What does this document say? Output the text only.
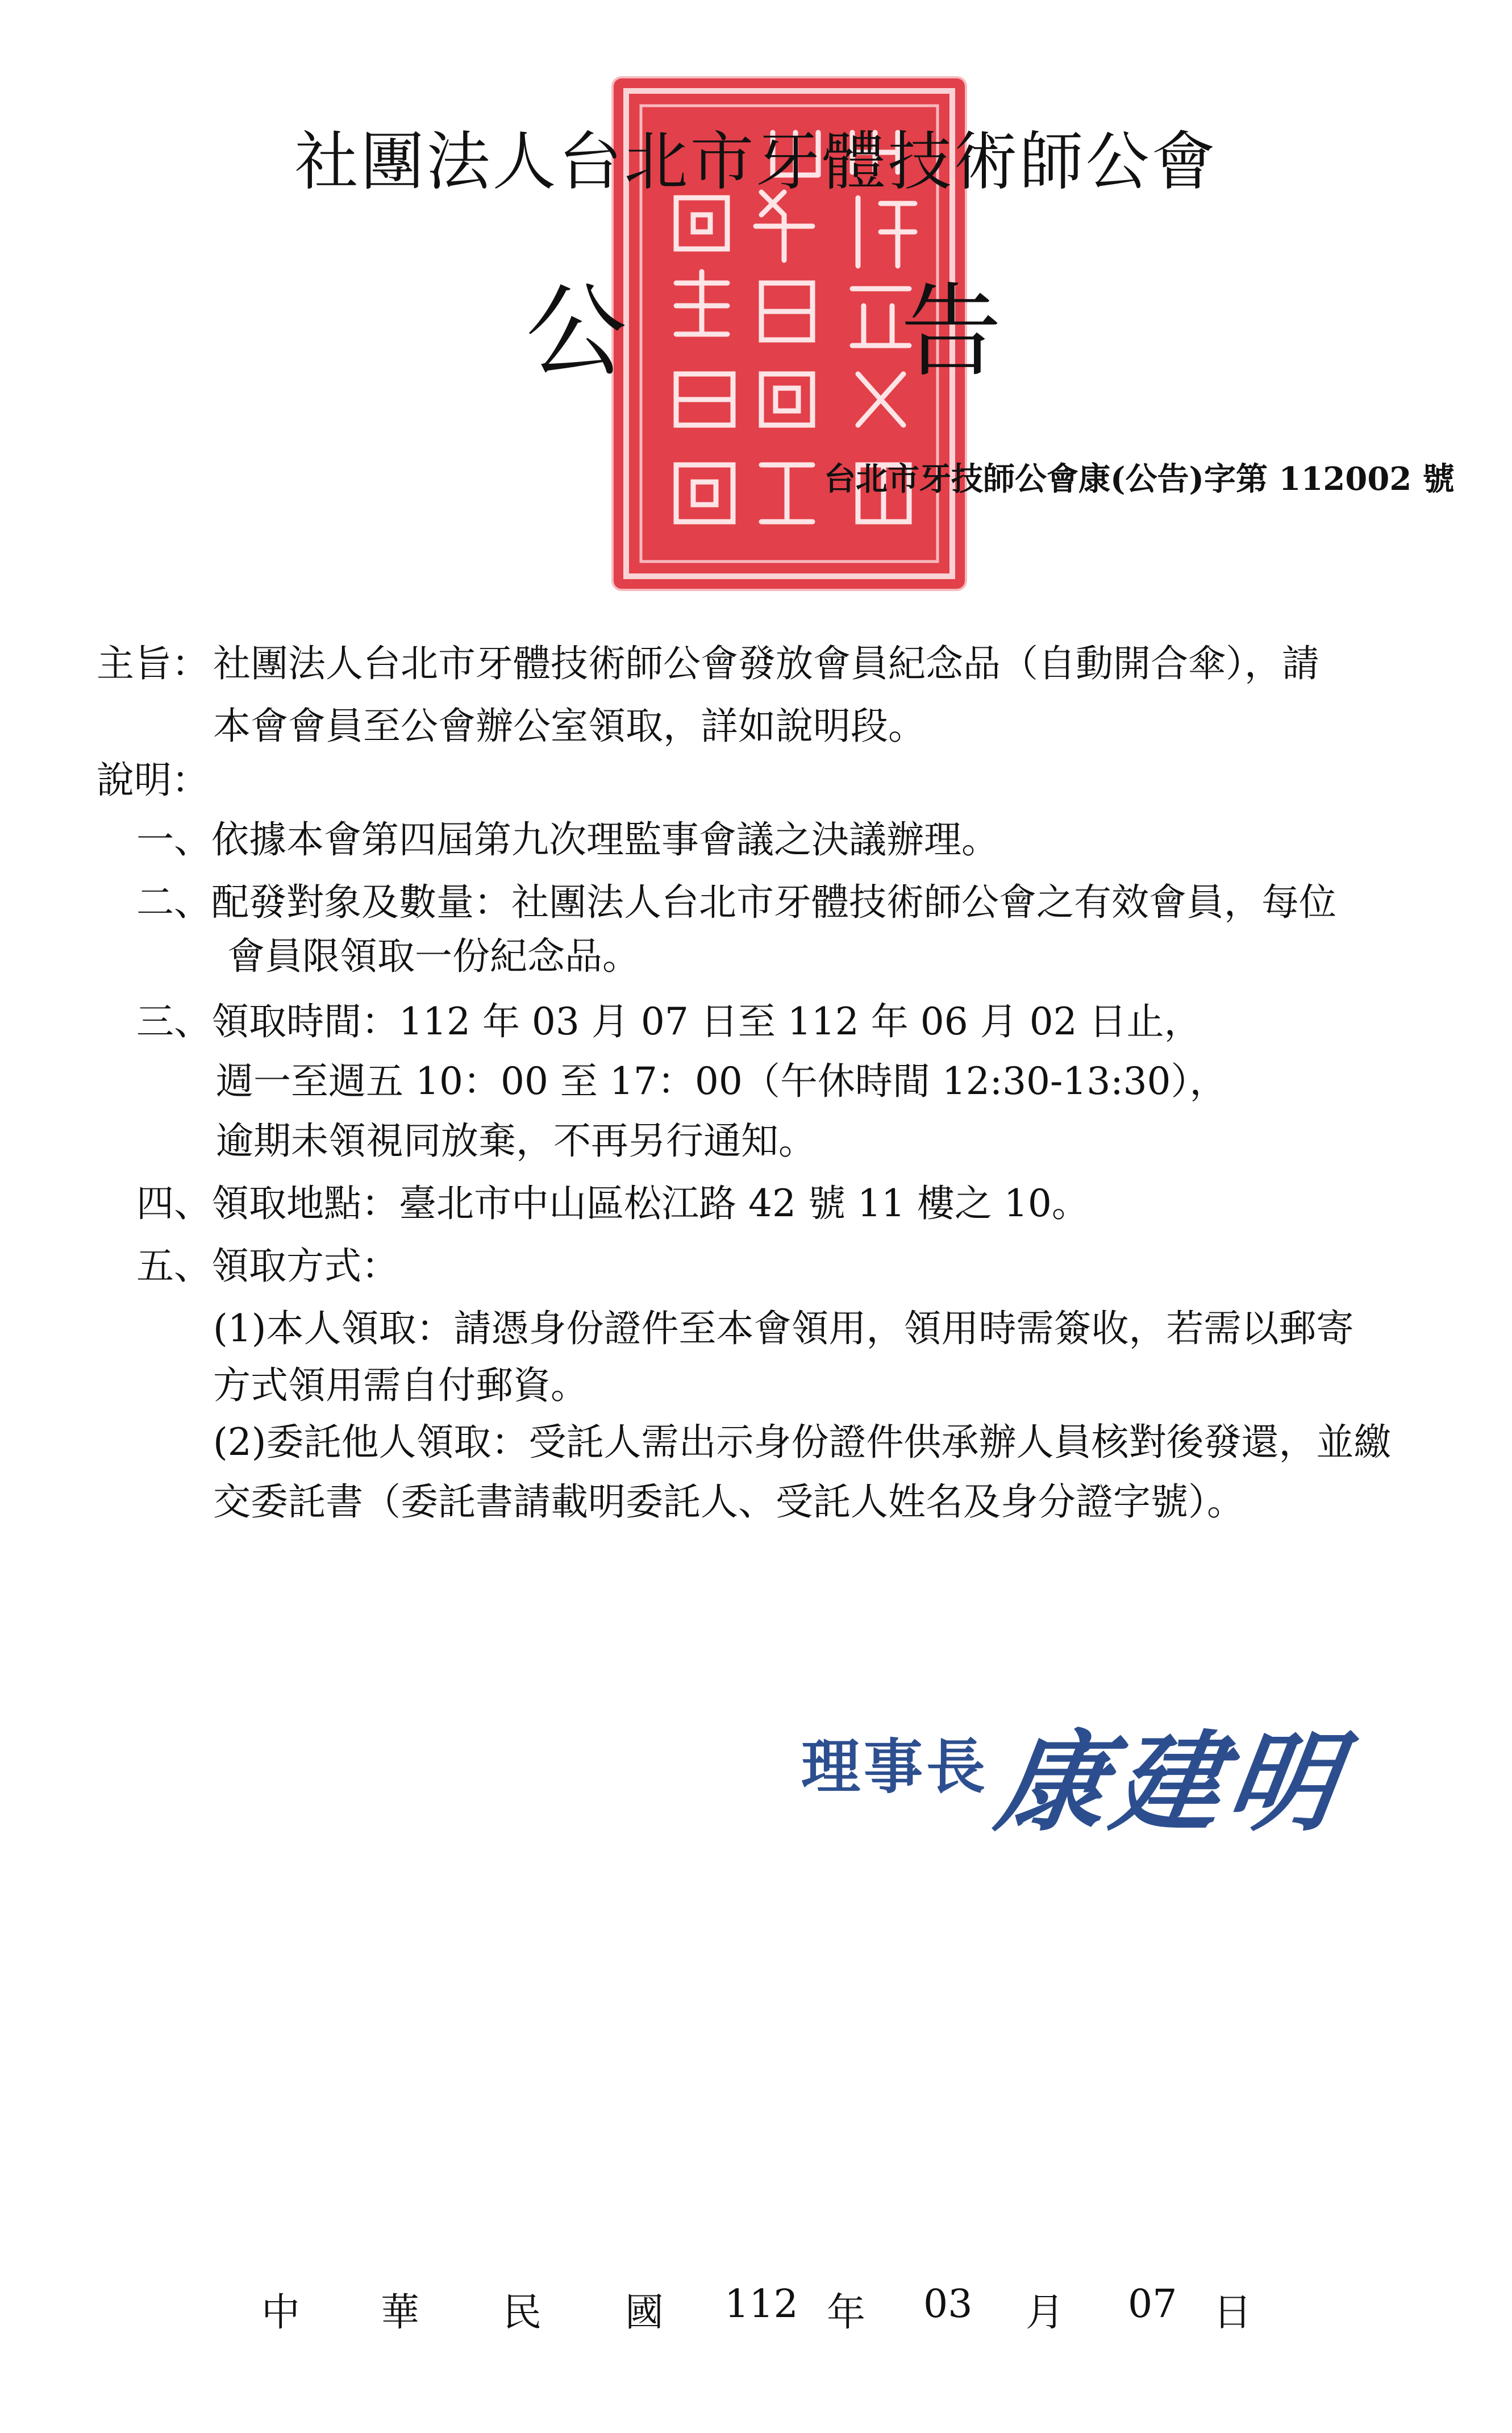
社團法人台北市牙體技術師公會
公	告
台北市牙技師公會康(公告)字第 112002 號
主旨： 社團法人台北市牙體技術師公會發放會員紀念品（自動開合傘），請
本會會員至公會辦公室領取，詳如說明段。
說明：
一、依據本會第四屆第九次理監事會議之決議辦理。
二、配發對象及數量：社團法人台北市牙體技術師公會之有效會員，每位
會員限領取一份紀念品。
三、領取時間：112 年 03 月 07 日至 112 年 06 月 02 日止，
週一至週五 10：00 至 17：00（午休時間 12:30-13:30），
逾期未領視同放棄，不再另行通知。
四、領取地點：臺北市中山區松江路 42 號 11 樓之 10。
五、領取方式：
(1)本人領取：請憑身份證件至本會領用，領用時需簽收，若需以郵寄
方式領用需自付郵資。
(2)委託他人領取：受託人需出示身份證件供承辦人員核對後發還，並繳
交委託書（委託書請載明委託人、受託人姓名及身分證字號）。
理事長 康建明
中 華 民 國 112 年 03 月 07 日
